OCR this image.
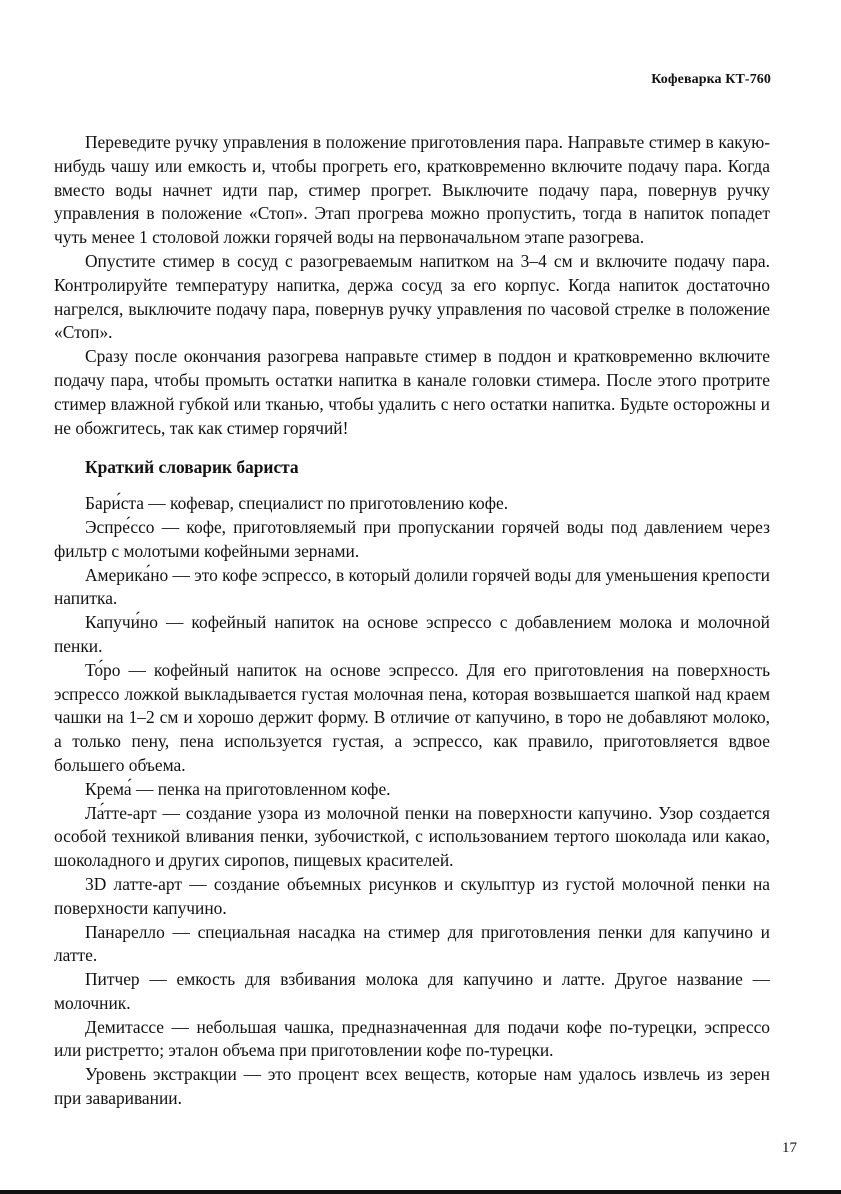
Кофеварка КТ-760

Переведите ручку управления в положение приготовления пара. Направьте стимер в какую-нибудь чашу или емкость и, чтобы прогреть его, кратковременно включите подачу пара. Когда вместо воды начнет идти пар, стимер прогрет. Выключите подачу пара, повернув ручку управления в положение «Стоп». Этап прогрева можно пропустить, тогда в напиток попадет чуть менее 1 столовой ложки горячей воды на первоначальном этапе разогрева.

Опустите стимер в сосуд с разогреваемым напитком на 3–4 см и включите подачу пара. Контролируйте температуру напитка, держа сосуд за его корпус. Когда напиток достаточно нагрелся, выключите подачу пара, повернув ручку управления по часовой стрелке в положение «Стоп».

Сразу после окончания разогрева направьте стимер в поддон и кратковременно включите подачу пара, чтобы промыть остатки напитка в канале головки стимера. После этого протрите стимер влажной губкой или тканью, чтобы удалить с него остатки напитка. Будьте осторожны и не обожгитесь, так как стимер горячий!

Краткий словарик бариста

Бари́ста — кофевар, специалист по приготовлению кофе.

Эспре́ссо — кофе, приготовляемый при пропускании горячей воды под давлением через фильтр с молотыми кофейными зернами.

Америка́но — это кофе эспрессо, в который долили горячей воды для уменьшения крепости напитка.

Капучи́но — кофейный напиток на основе эспрессо с добавлением молока и молочной пенки.

То́ро — кофейный напиток на основе эспрессо. Для его приготовления на поверхность эспрессо ложкой выкладывается густая молочная пена, которая возвышается шапкой над краем чашки на 1–2 см и хорошо держит форму. В отличие от капучино, в торо не добавляют молоко, а только пену, пена используется густая, а эспрессо, как правило, приготовляется вдвое большего объема.

Крема́ — пенка на приготовленном кофе.

Ла́тте-арт — создание узора из молочной пенки на поверхности капучино. Узор создается особой техникой вливания пенки, зубочисткой, с использованием тертого шоколада или какао, шоколадного и других сиропов, пищевых красителей.

3D латте-арт — создание объемных рисунков и скульптур из густой молочной пенки на поверхности капучино.

Панарелло — специальная насадка на стимер для приготовления пенки для капучино и латте.

Питчер — емкость для взбивания молока для капучино и латте. Другое название — молочник.

Демитассе — небольшая чашка, предназначенная для подачи кофе по-турецки, эспрессо или ристретто; эталон объема при приготовлении кофе по-турецки.

Уровень экстракции — это процент всех веществ, которые нам удалось извлечь из зерен при заваривании.

17
